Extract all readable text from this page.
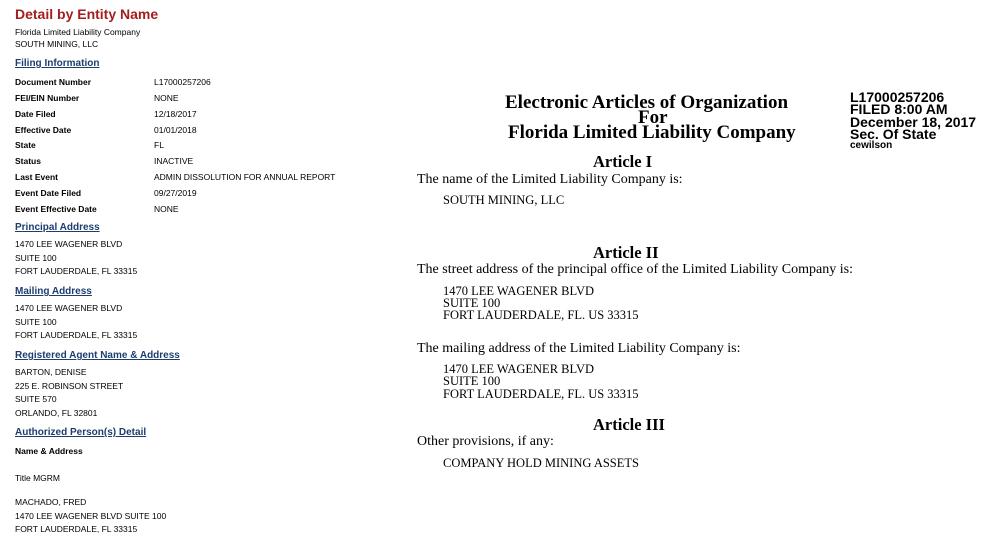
Detail by Entity Name
Florida Limited Liability Company
SOUTH MINING, LLC
Filing Information
Document Number	L17000257206
FEI/EIN Number	NONE
Date Filed	12/18/2017
Effective Date	01/01/2018
State	FL
Status	INACTIVE
Last Event	ADMIN DISSOLUTION FOR ANNUAL REPORT
Event Date Filed	09/27/2019
Event Effective Date	NONE
Principal Address
1470 LEE WAGENER BLVD
SUITE 100
FORT LAUDERDALE, FL 33315
Mailing Address
1470 LEE WAGENER BLVD
SUITE 100
FORT LAUDERDALE, FL 33315
Registered Agent Name & Address
BARTON, DENISE
225 E. ROBINSON STREET
SUITE 570
ORLANDO, FL 32801
Authorized Person(s) Detail
Name & Address
Title MGRM
MACHADO, FRED
1470 LEE WAGENER BLVD SUITE 100
FORT LAUDERDALE, FL 33315
Electronic Articles of Organization
For
Florida Limited Liability Company
L17000257206
FILED 8:00 AM
December 18, 2017
Sec. Of State
cewilson
Article I
The name of the Limited Liability Company is:
SOUTH MINING, LLC
Article II
The street address of the principal office of the Limited Liability Company is:
1470 LEE WAGENER BLVD
SUITE 100
FORT LAUDERDALE, FL. US 33315
The mailing address of the Limited Liability Company is:
1470 LEE WAGENER BLVD
SUITE 100
FORT LAUDERDALE, FL. US 33315
Article III
Other provisions, if any:
COMPANY HOLD MINING ASSETS
